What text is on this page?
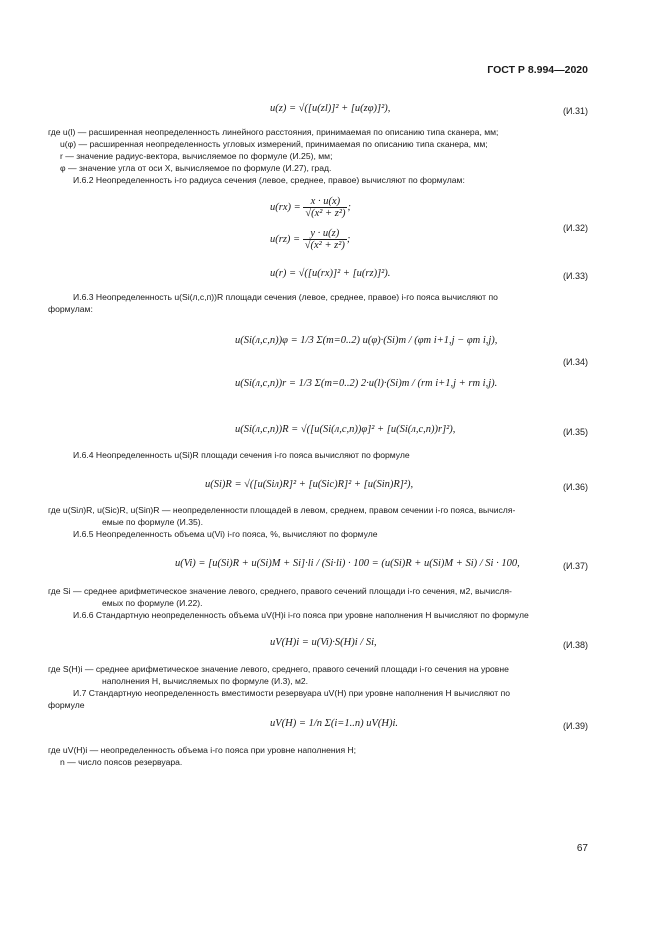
ГОСТ Р 8.994—2020
u(z) = √([u(zl)]² + [u(zφ)]²),	(И.31)
где u(l) — расширенная неопределенность линейного расстояния, принимаемая по описанию типа сканера, мм;
u(φ) — расширенная неопределенность угловых измерений, принимаемая по описанию типа сканера, мм;
r — значение радиус-вектора, вычисляемое по формуле (И.25), мм;
φ — значение угла от оси X, вычисляемое по формуле (И.27), град.
И.6.2 Неопределенность i-го радиуса сечения (левое, среднее, правое) вычисляют по формулам:
$u(rx) = \frac{x \cdot u(x)}{\text{√(x² + z²)}}$ ;
$u(rz) = \frac{y \cdot u(z)}{\text{√(x² + z²)}}$ ;
(И.32)
u(r) = √([u(rx)]² + [u(rz)]²).	(И.33)
И.6.3 Неопределенность u(Si(л,с,п))R площади сечения (левое, среднее, правое) i-го пояса вычисляют по
формулам:
u(Si(л,с,п))φ = 1/3 Σ(m=0..2) u(φ)·(Si)m / (φm i+1,j − φm i,j),
u(Si(л,с,п))r = 1/3 Σ(m=0..2) 2·u(l)·(Si)m / (rm i+1,j + rm i,j).
(И.34)
u(Si(л,с,п))R = √([u(Si(л,с,п))φ]² + [u(Si(л,с,п))r]²),	(И.35)
И.6.4 Неопределенность u(Si)R площади сечения i-го пояса вычисляют по формуле
u(Si)R = √([u(Siл)R]² + [u(Siс)R]² + [u(Siп)R]²),	(И.36)
где u(Siл)R, u(Siс)R, u(Siп)R — неопределенности площадей в левом, среднем, правом сечении i-го пояса, вычисля-
емые по формуле (И.35).
И.6.5 Неопределенность объема u(Vi) i-го пояса, %, вычисляют по формуле
u(Vi) = [u(Si)R + u(Si)M + Si]·li / (Si·li) · 100 = (u(Si)R + u(Si)M + Si) / Si · 100,	(И.37)
где Si — среднее арифметическое значение левого, среднего, правого сечений площади i-го сечения, м2, вычисля-
емых по формуле (И.22).
И.6.6 Стандартную неопределенность объема uV(H)i i-го пояса при уровне наполнения H вычисляют по формуле
uV(H)i = u(Vi)·S(H)i / Si,	(И.38)
где S(H)i — среднее арифметическое значение левого, среднего, правого сечений площади i-го сечения на уровне
наполнения H, вычисляемых по формуле (И.3), м2.
И.7 Стандартную неопределенность вместимости резервуара uV(H) при уровне наполнения H вычисляют по
формуле
uV(H) = 1/n Σ(i=1..n) uV(H)i.	(И.39)
где uV(H)i — неопределенность объема i-го пояса при уровне наполнения H;
n — число поясов резервуара.
67
